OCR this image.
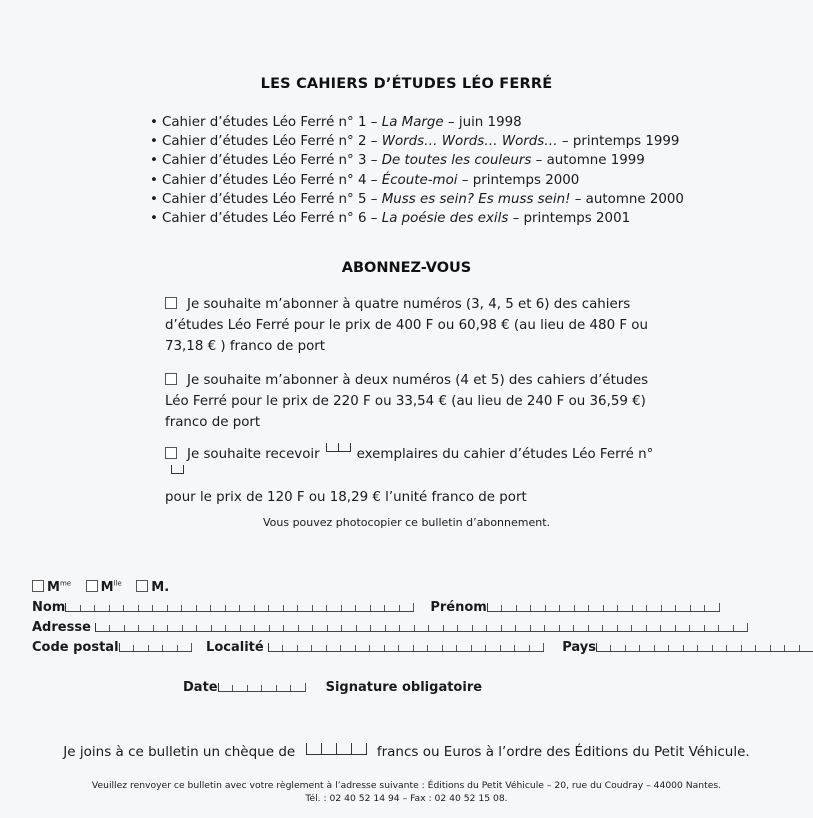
LES CAHIERS D’ÉTUDES LÉO FERRÉ
• Cahier d’études Léo Ferré n° 1 – La Marge – juin 1998
• Cahier d’études Léo Ferré n° 2 – Words… Words… Words… – printemps 1999
• Cahier d’études Léo Ferré n° 3 – De toutes les couleurs – automne 1999
• Cahier d’études Léo Ferré n° 4 – Écoute-moi – printemps 2000
• Cahier d’études Léo Ferré n° 5 – Muss es sein? Es muss sein! – automne 2000
• Cahier d’études Léo Ferré n° 6 – La poésie des exils – printemps 2001
ABONNEZ-VOUS
Je souhaite m’abonner à quatre numéros (3, 4, 5 et 6) des cahiers d’études Léo Ferré pour le prix de 400 F ou 60,98 € (au lieu de 480 F ou 73,18 € ) franco de port
Je souhaite m’abonner à deux numéros (4 et 5) des cahiers d’études Léo Ferré pour le prix de 220 F ou 33,54 € (au lieu de 240 F ou 36,59 €) franco de port
Je souhaite recevoir	exemplaires du cahier d’études Léo Ferré n°
pour le prix de 120 F ou 18,29 € l’unité franco de port
Vous pouvez photocopier ce bulletin d’abonnement.
$M^{me}$ $M^{lle}$ M.
Nom	Prénom
Adresse
Code postal	Localité	Pays
Date	Signature obligatoire
Je joins à ce bulletin un chèque de	francs ou Euros à l’ordre des Éditions du Petit Véhicule.
Veuillez renvoyer ce bulletin avec votre règlement à l’adresse suivante : Éditions du Petit Véhicule – 20, rue du Coudray – 44000 Nantes.
Tél. : 02 40 52 14 94 – Fax : 02 40 52 15 08.
